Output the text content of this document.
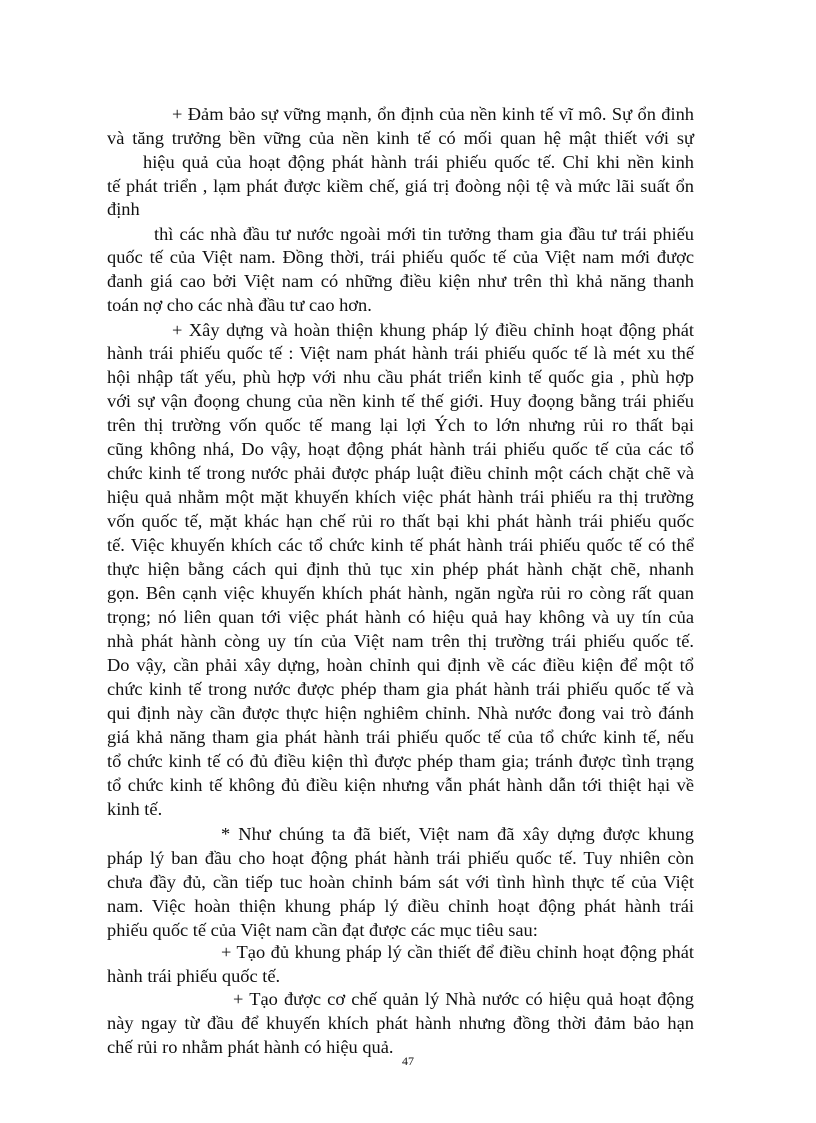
+ Đảm bảo sự vững mạnh, ổn định của nền kinh tế vĩ mô. Sự ổn đinh
và tăng trưởng bền vững của nền kinh tế có mối quan hệ mật thiết với sự
hiệu quả của hoạt động phát hành trái phiếu quốc tế. Chỉ khi nền kinh
tế phát triển , lạm phát được kiềm chế, giá trị đoòng nội tệ và mức lãi suất ổn
định
thì các nhà đầu tư nước ngoài mới tin tưởng tham gia đầu tư trái phiếu
quốc tế của Việt nam. Đồng thời, trái phiếu quốc tế của Việt nam mới được
đanh giá cao bởi Việt nam có những điều kiện như trên thì khả năng thanh
toán nợ cho các nhà đầu tư cao hơn.
+ Xây dựng và hoàn thiện khung pháp lý điều chỉnh hoạt động phát
hành trái phiếu quốc tế : Việt nam phát hành trái phiếu quốc tế là mét xu thế
hội nhập tất yếu, phù hợp với nhu cầu phát triển kinh tế quốc gia , phù hợp
với sự vận đoọng chung của nền kinh tế thế giới. Huy đoọng bằng trái phiếu
trên thị trường vốn quốc tế mang lại lợi Ých to lớn nhưng rủi ro thất bại
cũng không nhá, Do vậy, hoạt động phát hành trái phiếu quốc tế của các tổ
chức kinh tế trong nước phải được pháp luật điều chỉnh một cách chặt chẽ và
hiệu quả nhằm một mặt khuyến khích việc phát hành trái phiếu ra thị trường
vốn quốc tế, mặt khác hạn chế rủi ro thất bại khi phát hành trái phiếu quốc
tế. Việc khuyến khích các tổ chức kinh tế phát hành trái phiếu quốc tế có thể
thực hiện bằng cách qui định thủ tục xin phép phát hành chặt chẽ, nhanh
gọn. Bên cạnh việc khuyến khích phát hành, ngăn ngừa rủi ro còng rất quan
trọng; nó liên quan tới việc phát hành có hiệu quả hay không và uy tín của
nhà phát hành còng uy tín của Việt nam trên thị trường trái phiếu quốc tế.
Do vậy, cần phải xây dựng, hoàn chỉnh qui định về các điều kiện để một tổ
chức kinh tế trong nước được phép tham gia phát hành trái phiếu quốc tế và
qui định này cần được thực hiện nghiêm chỉnh. Nhà nước đong vai trò đánh
giá khả năng tham gia phát hành trái phiếu quốc tế của tổ chức kinh tế, nếu
tổ chức kinh tế có đủ điều kiện thì được phép tham gia; tránh được tình trạng
tổ chức kinh tế không đủ điều kiện nhưng vẫn phát hành dẫn tới thiệt hại về
kinh tế.
* Như chúng ta đã biết, Việt nam đã xây dựng được khung
pháp lý ban đầu cho hoạt động phát hành trái phiếu quốc tế. Tuy nhiên còn
chưa đầy đủ, cần tiếp tuc hoàn chỉnh bám sát với tình hình thực tế của Việt
nam. Việc hoàn thiện khung pháp lý điều chỉnh hoạt động phát hành trái
phiếu quốc tế của Việt nam cần đạt được các mục tiêu sau:
+ Tạo đủ khung pháp lý cần thiết để điều chỉnh hoạt động phát
hành trái phiếu quốc tế.
+ Tạo được cơ chế quản lý Nhà nước có hiệu quả hoạt động
này ngay từ đầu để khuyến khích phát hành nhưng đồng thời đảm bảo hạn
chế rủi ro nhằm phát hành có hiệu quả.
47
